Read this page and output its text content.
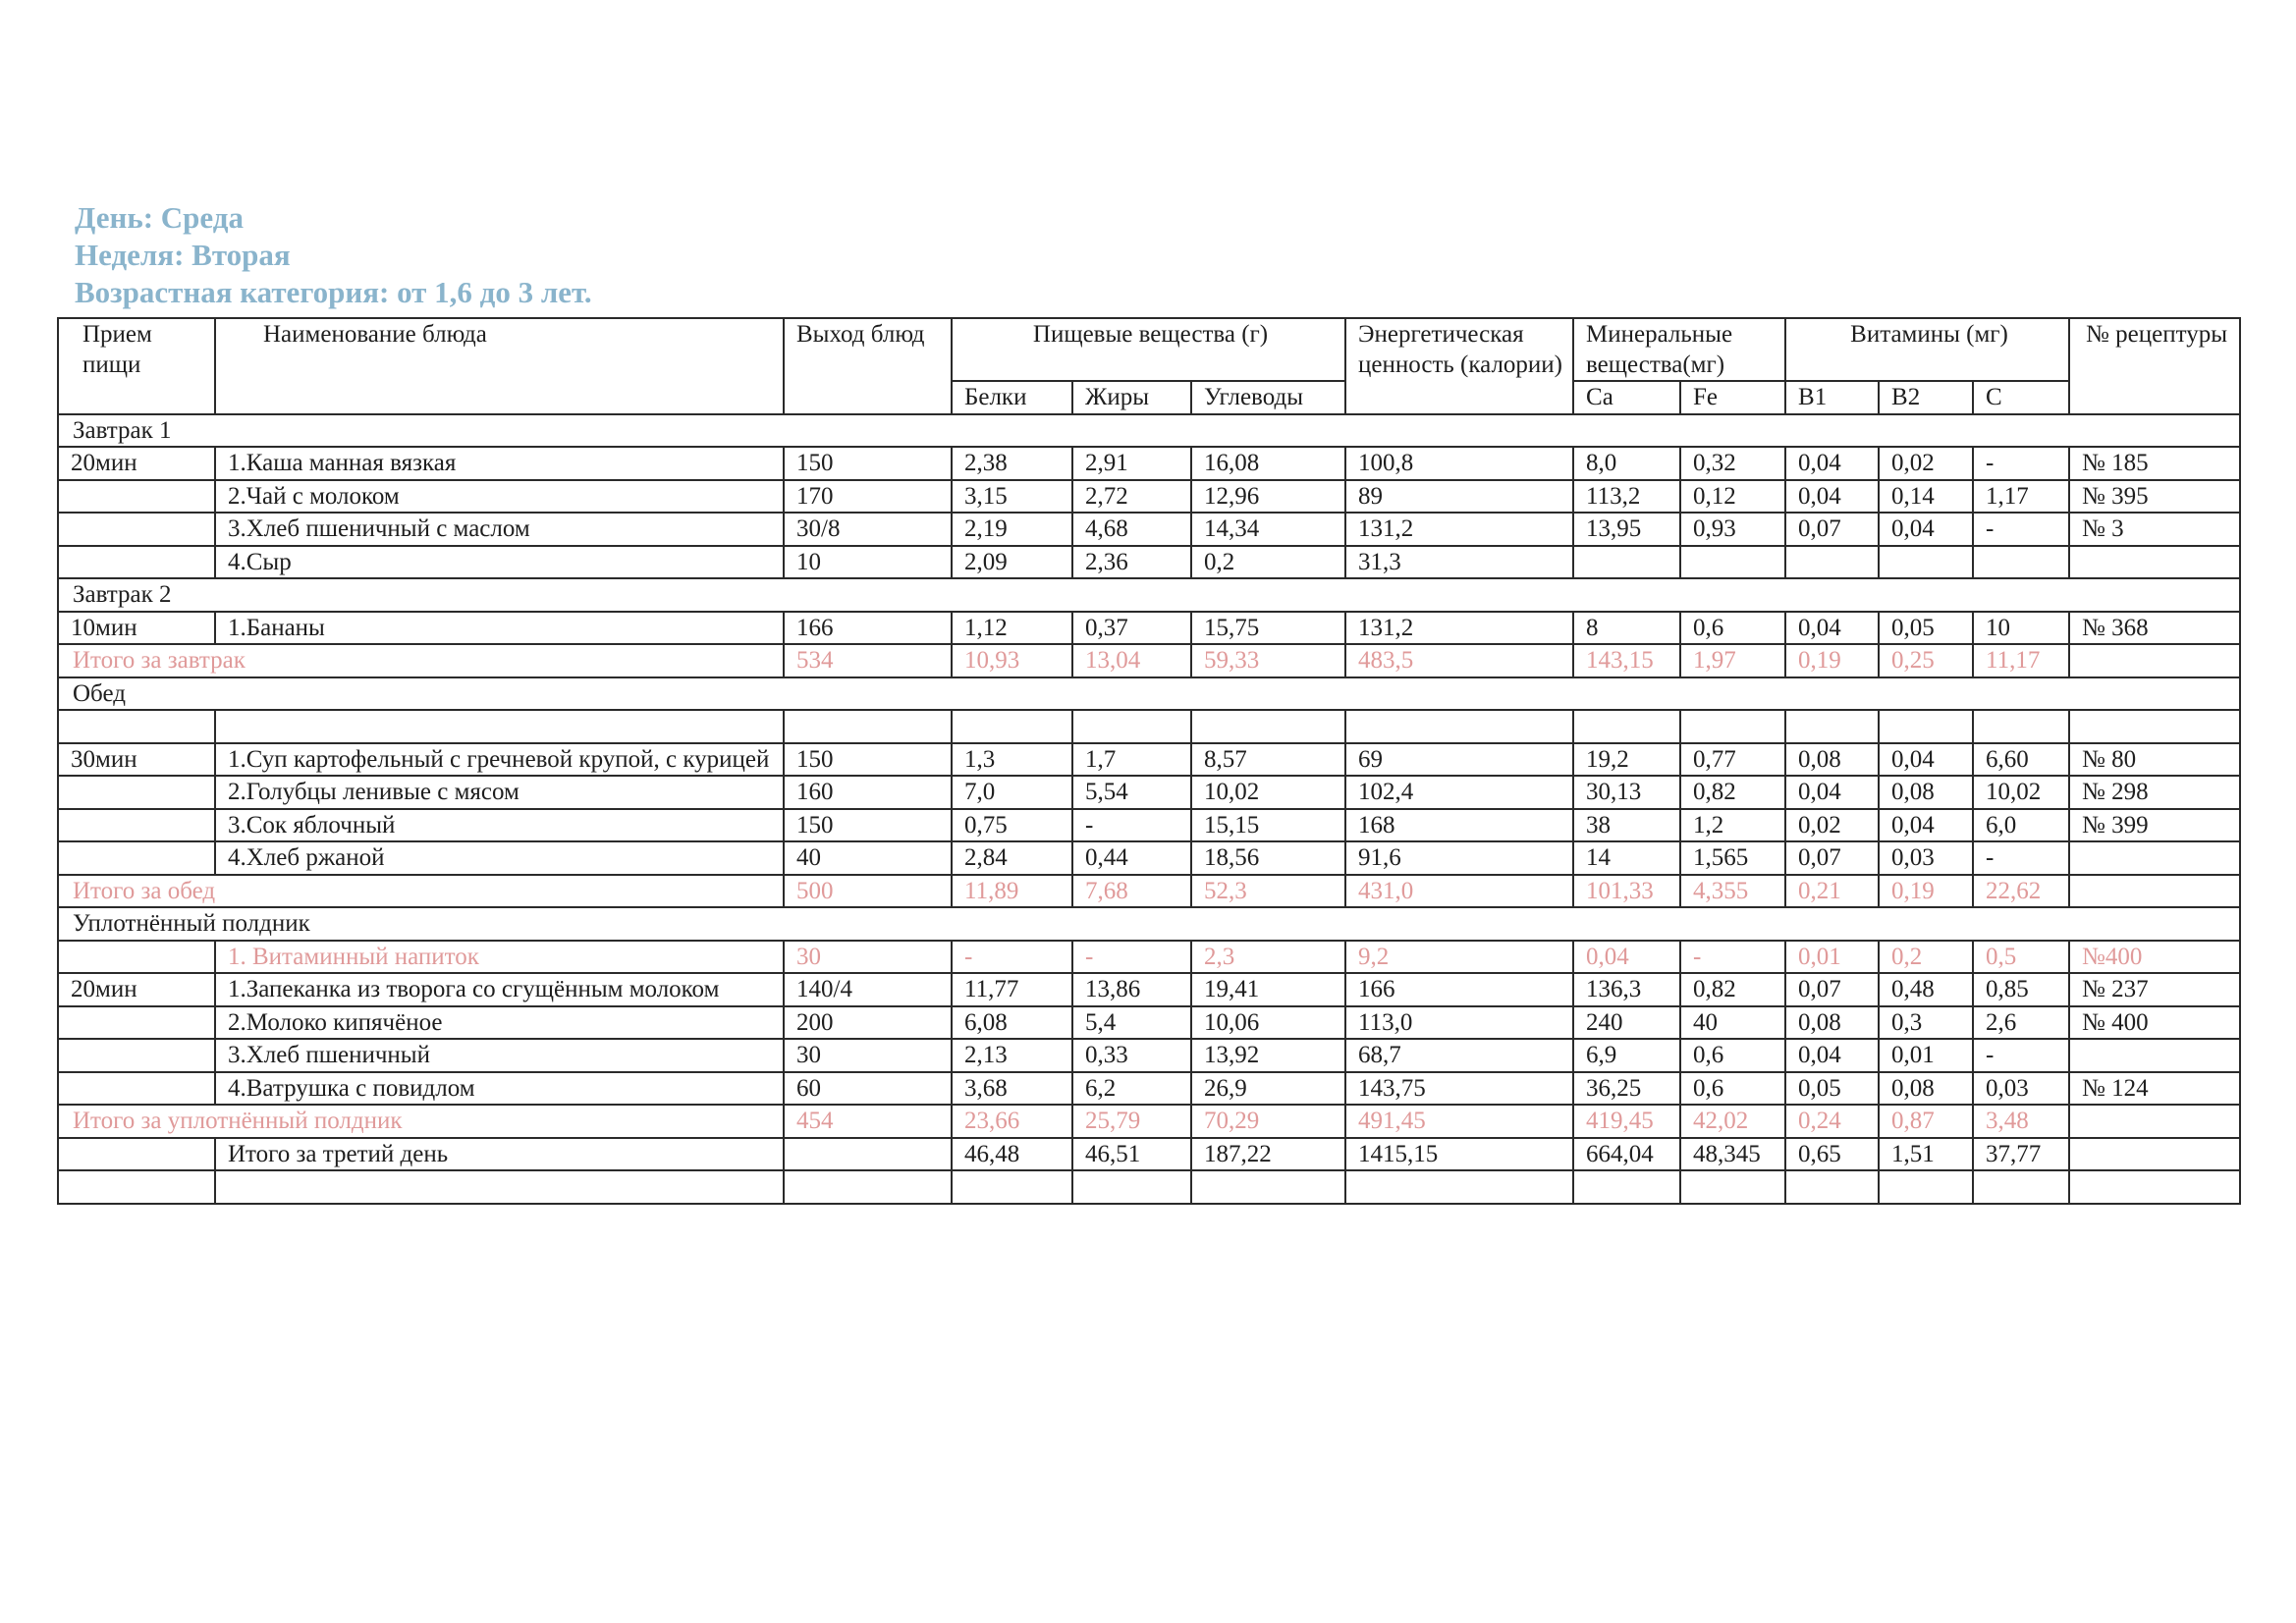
День: Среда
Неделя: Вторая
Возрастная категория: от 1,6 до 3 лет.
Прием пищи	Наименование блюда	Выход блюд	Пищевые вещества (г)			Энергетическая ценность (калории)	Минеральные вещества(мг)		Витамины (мг)			№ рецептуры
			Белки	Жиры	Углеводы		Ca	Fe	B1	B2	C	
Завтрак 1												
20мин	1.Каша манная вязкая	150	2,38	2,91	16,08	100,8	8,0	0,32	0,04	0,02	-	№ 185
	2.Чай с молоком	170	3,15	2,72	12,96	89	113,2	0,12	0,04	0,14	1,17	№ 395
	3.Хлеб пшеничный с маслом	30/8	2,19	4,68	14,34	131,2	13,95	0,93	0,07	0,04	-	№ 3
	4.Сыр	10	2,09	2,36	0,2	31,3						
Завтрак 2												
10мин	1.Бананы	166	1,12	0,37	15,75	131,2	8	0,6	0,04	0,05	10	№ 368
Итого за завтрак		534	10,93	13,04	59,33	483,5	143,15	1,97	0,19	0,25	11,17	
Обед												

30мин	1.Суп картофельный с гречневой крупой, с курицей	150	1,3	1,7	8,57	69	19,2	0,77	0,08	0,04	6,60	№ 80
	2.Голубцы ленивые с мясом	160	7,0	5,54	10,02	102,4	30,13	0,82	0,04	0,08	10,02	№ 298
	3.Сок яблочный	150	0,75	-	15,15	168	38	1,2	0,02	0,04	6,0	№ 399
	4.Хлеб ржаной	40	2,84	0,44	18,56	91,6	14	1,565	0,07	0,03	-	
Итого за обед		500	11,89	7,68	52,3	431,0	101,33	4,355	0,21	0,19	22,62	
Уплотнённый полдник												
	1. Витаминный напиток	30	-	-	2,3	9,2	0,04	-	0,01	0,2	0,5	№400
20мин	1.Запеканка из творога со сгущённым молоком	140/4	11,77	13,86	19,41	166	136,3	0,82	0,07	0,48	0,85	№ 237
	2.Молоко кипячёное	200	6,08	5,4	10,06	113,0	240	40	0,08	0,3	2,6	№ 400
	3.Хлеб пшеничный	30	2,13	0,33	13,92	68,7	6,9	0,6	0,04	0,01	-	
	4.Ватрушка с повидлом	60	3,68	6,2	26,9	143,75	36,25	0,6	0,05	0,08	0,03	№ 124
Итого за уплотнённый полдник		454	23,66	25,79	70,29	491,45	419,45	42,02	0,24	0,87	3,48	
	Итого за третий день		46,48	46,51	187,22	1415,15	664,04	48,345	0,65	1,51	37,77	
